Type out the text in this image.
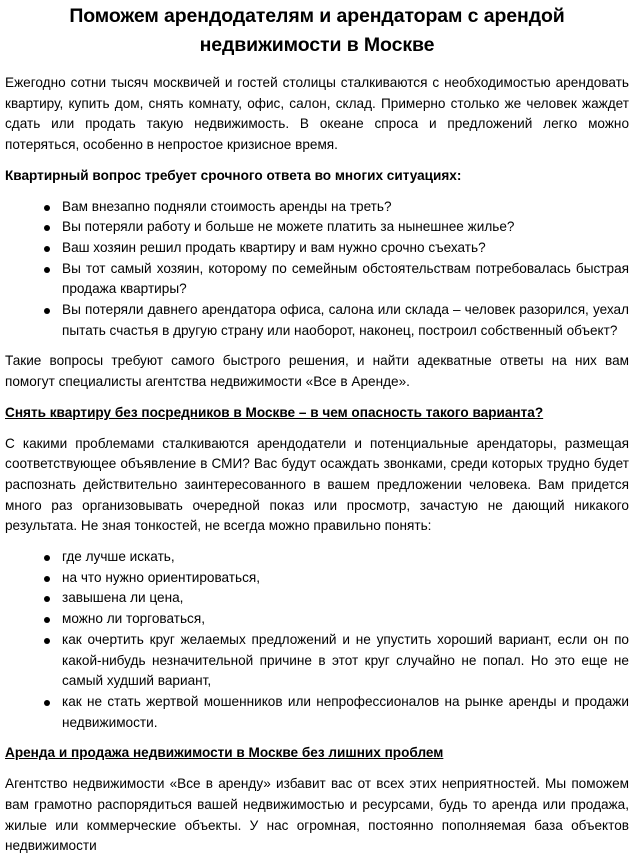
Поможем арендодателям и арендаторам с арендой недвижимости в Москве

Ежегодно сотни тысяч москвичей и гостей столицы сталкиваются с необходимостью арендовать квартиру, купить дом, снять комнату, офис, салон, склад. Примерно столько же человек жаждет сдать или продать такую недвижимость. В океане спроса и предложений легко можно потеряться, особенно в непростое кризисное время.

Квартирный вопрос требует срочного ответа во многих ситуациях:

Вам внезапно подняли стоимость аренды на треть?
Вы потеряли работу и больше не можете платить за нынешнее жилье?
Ваш хозяин решил продать квартиру и вам нужно срочно съехать?
Вы тот самый хозяин, которому по семейным обстоятельствам потребовалась быстрая продажа квартиры?
Вы потеряли давнего арендатора офиса, салона или склада – человек разорился, уехал пытать счастья в другую страну или наоборот, наконец, построил собственный объект?

Такие вопросы требуют самого быстрого решения, и найти адекватные ответы на них вам помогут специалисты агентства недвижимости «Все в Аренде».

Снять квартиру без посредников в Москве – в чем опасность такого варианта?

С какими проблемами сталкиваются арендодатели и потенциальные арендаторы, размещая соответствующее объявление в СМИ? Вас будут осаждать звонками, среди которых трудно будет распознать действительно заинтересованного в вашем предложении человека. Вам придется много раз организовывать очередной показ или просмотр, зачастую не дающий никакого результата. Не зная тонкостей, не всегда можно правильно понять:

где лучше искать,
на что нужно ориентироваться,
завышена ли цена,
можно ли торговаться,
как очертить круг желаемых предложений и не упустить хороший вариант, если он по какой-нибудь незначительной причине в этот круг случайно не попал. Но это еще не самый худший вариант,
как не стать жертвой мошенников или непрофессионалов на рынке аренды и продажи недвижимости.

Аренда и продажа недвижимости в Москве без лишних проблем

Агентство недвижимости «Все в аренду» избавит вас от всех этих неприятностей. Мы поможем вам грамотно распорядиться вашей недвижимостью и ресурсами, будь то аренда или продажа, жилые или коммерческие объекты. У нас огромная, постоянно пополняемая база объектов недвижимости
